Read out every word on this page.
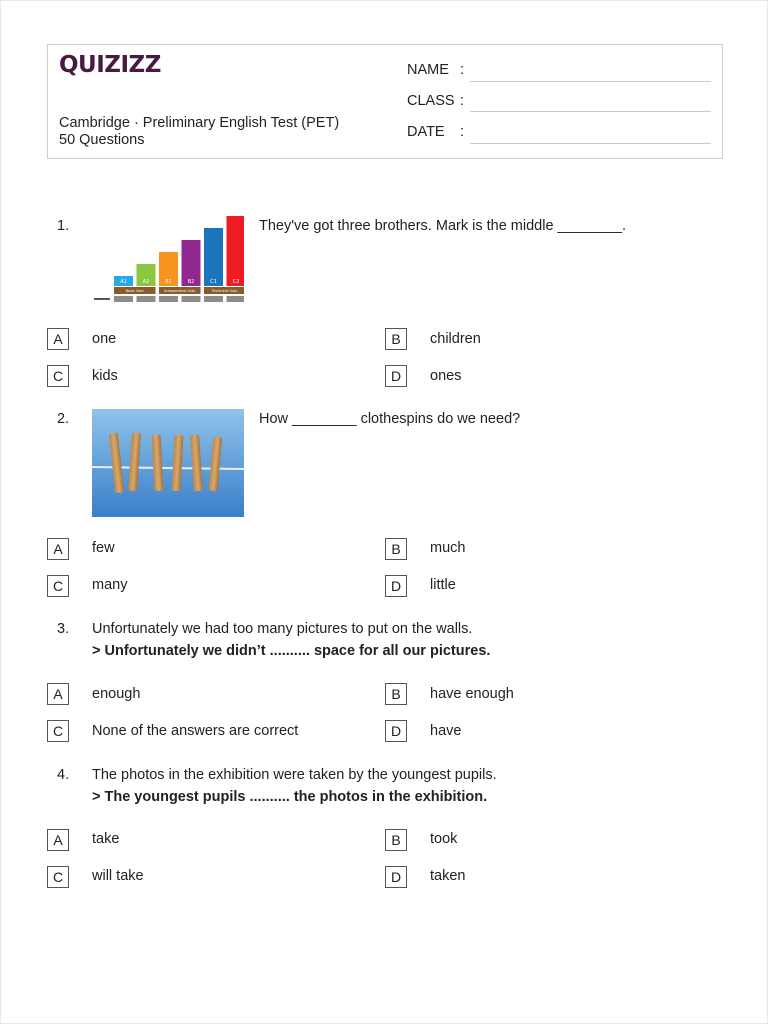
QUIZIZZ
Cambridge · Preliminary English Test (PET)
50 Questions
NAME :
CLASS :
DATE :
1.
A1	A2	B1	B2	C1	C2
Basic User	Independent User	Proficient User
They've got three brothers. Mark is the middle ________.
A	one	B	children
C	kids	D	ones
2.	How ________ clothespins do we need?
A	few	B	much
C	many	D	little
3. Unfortunately we had too many pictures to put on the walls.
> Unfortunately we didn’t .......... space for all our pictures.
A	enough	B	have enough
C	None of the answers are correct	D	have
4. The photos in the exhibition were taken by the youngest pupils.
> The youngest pupils .......... the photos in the exhibition.
A	take	B	took
C	will take	D	taken
